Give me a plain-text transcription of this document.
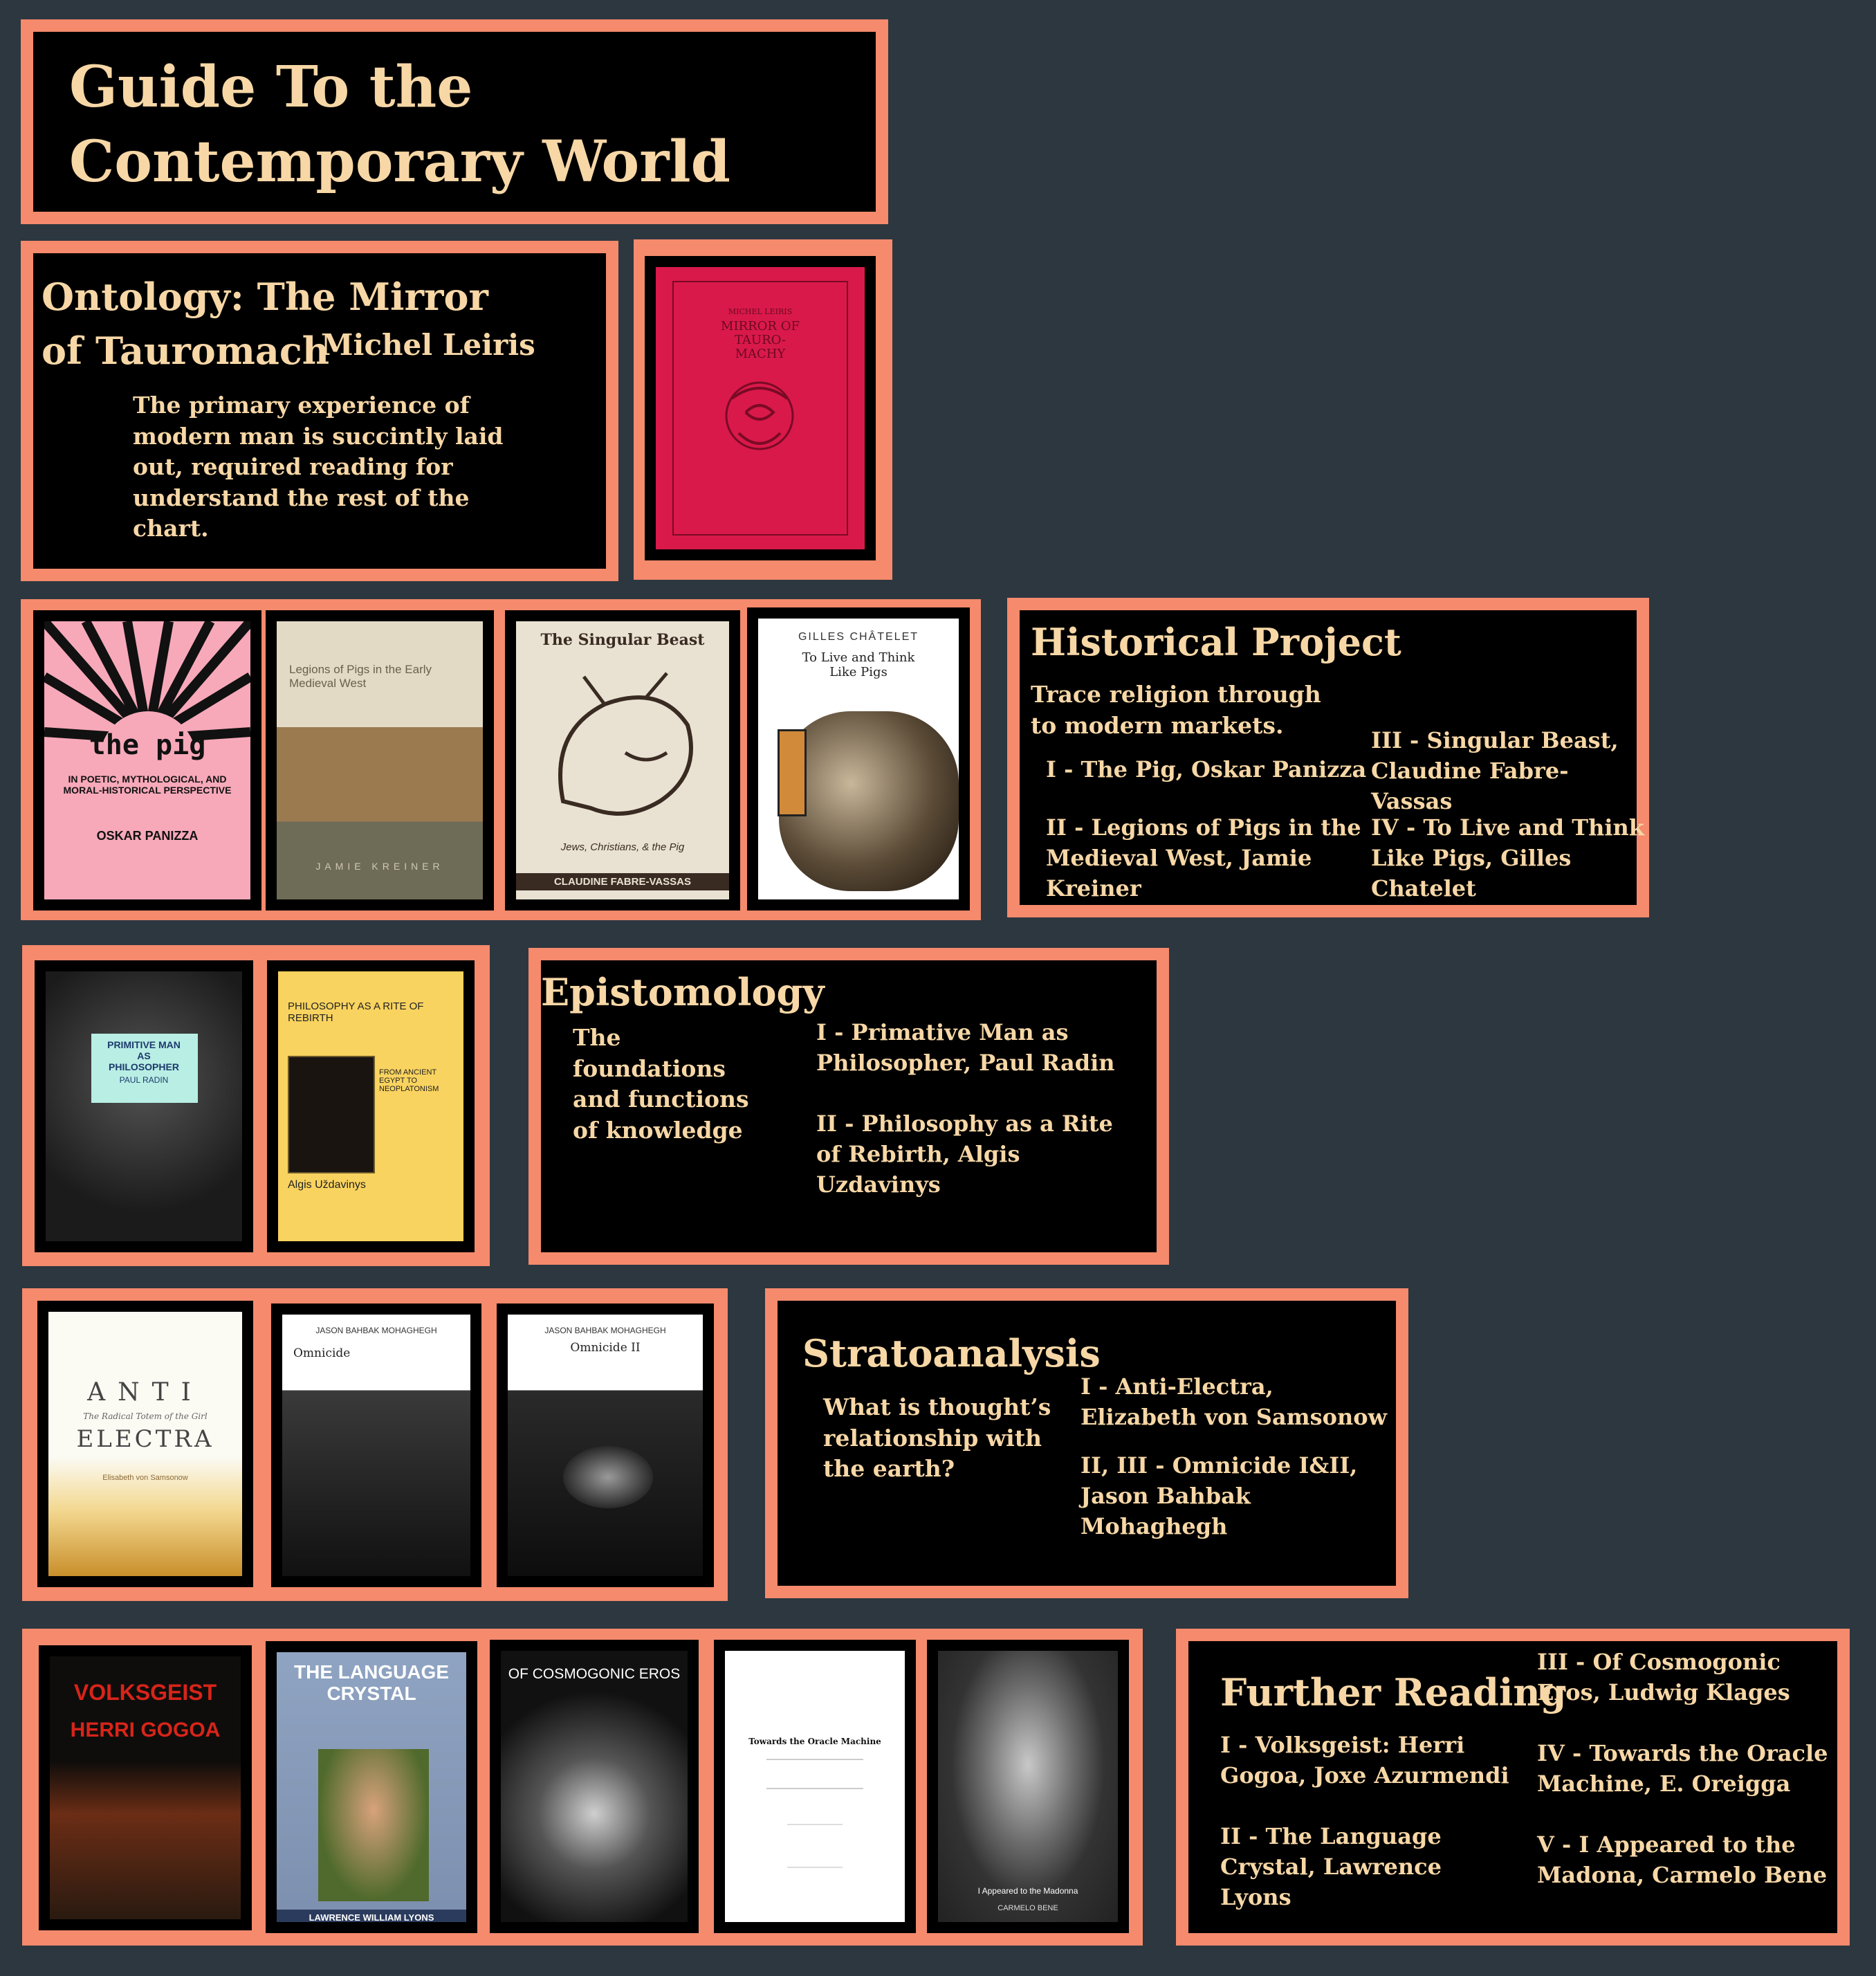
Guide To the Contemporary World
Ontology: The Mirror of Tauromach
Michel Leiris
The primary experience of modern man is succintly laid out, required reading for understand the rest of the chart.
MICHEL LEIRIS
MIRROR OF TAURO-MACHY
the pig
IN POETIC, MYTHOLOGICAL, AND MORAL-HISTORICAL PERSPECTIVE
OSKAR PANIZZA
Legions of Pigs in the Early Medieval West
JAMIE KREINER
The Singular Beast
Jews, Christians, & the Pig
CLAUDINE FABRE-VASSAS
GILLES CHÂTELET
To Live and Think Like Pigs
Historical Project
Trace religion through to modern markets.
I - The Pig, Oskar Panizza
II - Legions of Pigs in the Medieval West, Jamie Kreiner
III - Singular Beast, Claudine Fabre-Vassas
IV - To Live and Think Like Pigs, Gilles Chatelet
PRIMITIVE MAN AS PHILOSOPHER
PAUL RADIN
PHILOSOPHY AS A RITE OF REBIRTH
FROM ANCIENT EGYPT TO NEOPLATONISM
Algis Uždavinys
Epistomology
The foundations and functions of knowledge
I - Primative Man as Philosopher, Paul Radin
II - Philosophy as a Rite of Rebirth, Algis Uzdavinys
ANTI
The Radical Totem of the Girl
ELECTRA
Elisabeth von Samsonow
JASON BAHBAK MOHAGHEGH
Omnicide
JASON BAHBAK MOHAGHEGH
Omnicide II	Stratoanalysis
What is thought’s relationship with the earth?
I - Anti-Electra, Elizabeth von Samsonow
II, III - Omnicide I&II, Jason Bahbak Mohaghegh
VOLKSGEIST
HERRI GOGOA
THE LANGUAGE CRYSTAL
LAWRENCE WILLIAM LYONS
OF COSMOGONIC EROS
Towards the Oracle Machine
I Appeared to the Madonna
CARMELO BENE
Further Reading
I - Volksgeist: Herri Gogoa, Joxe Azurmendi
II - The Language Crystal, Lawrence Lyons
III - Of Cosmogonic Eros, Ludwig Klages
IV - Towards the Oracle Machine, E. Oreigga
V - I Appeared to the Madona, Carmelo Bene
